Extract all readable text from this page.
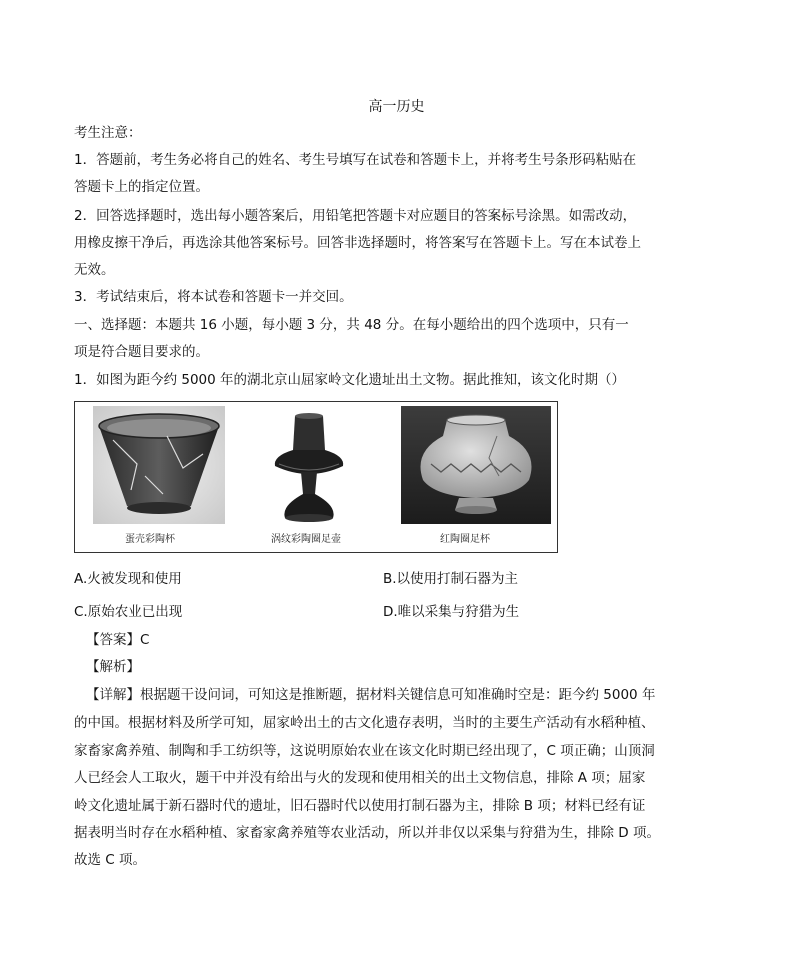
高一历史
考生注意：
1．答题前，考生务必将自己的姓名、考生号填写在试卷和答题卡上，并将考生号条形码粘贴在
答题卡上的指定位置。
2．回答选择题时，选出每小题答案后，用铅笔把答题卡对应题目的答案标号涂黑。如需改动，
用橡皮擦干净后，再选涂其他答案标号。回答非选择题时，将答案写在答题卡上。写在本试卷上
无效。
3．考试结束后，将本试卷和答题卡一并交回。
一、选择题：本题共 16 小题，每小题 3 分，共 48 分。在每小题给出的四个选项中，只有一
项是符合题目要求的。
1．如图为距今约 5000 年的湖北京山屈家岭文化遗址出土文物。据此推知，该文化时期（）
蛋壳彩陶杯	涡纹彩陶圈足壶	红陶圈足杯
A.火被发现和使用	B.以使用打制石器为主
C.原始农业已出现	D.唯以采集与狩猎为生
【答案】C
【解析】
【详解】根据题干设问词，可知这是推断题，据材料关键信息可知准确时空是：距今约 5000 年
的中国。根据材料及所学可知，屈家岭出土的古文化遗存表明，当时的主要生产活动有水稻种植、
家畜家禽养殖、制陶和手工纺织等，这说明原始农业在该文化时期已经出现了，C 项正确；山顶洞
人已经会人工取火，题干中并没有给出与火的发现和使用相关的出土文物信息，排除 A 项；屈家
岭文化遗址属于新石器时代的遗址，旧石器时代以使用打制石器为主，排除 B 项；材料已经有证
据表明当时存在水稻种植、家畜家禽养殖等农业活动，所以并非仅以采集与狩猎为生，排除 D 项。
故选 C 项。
